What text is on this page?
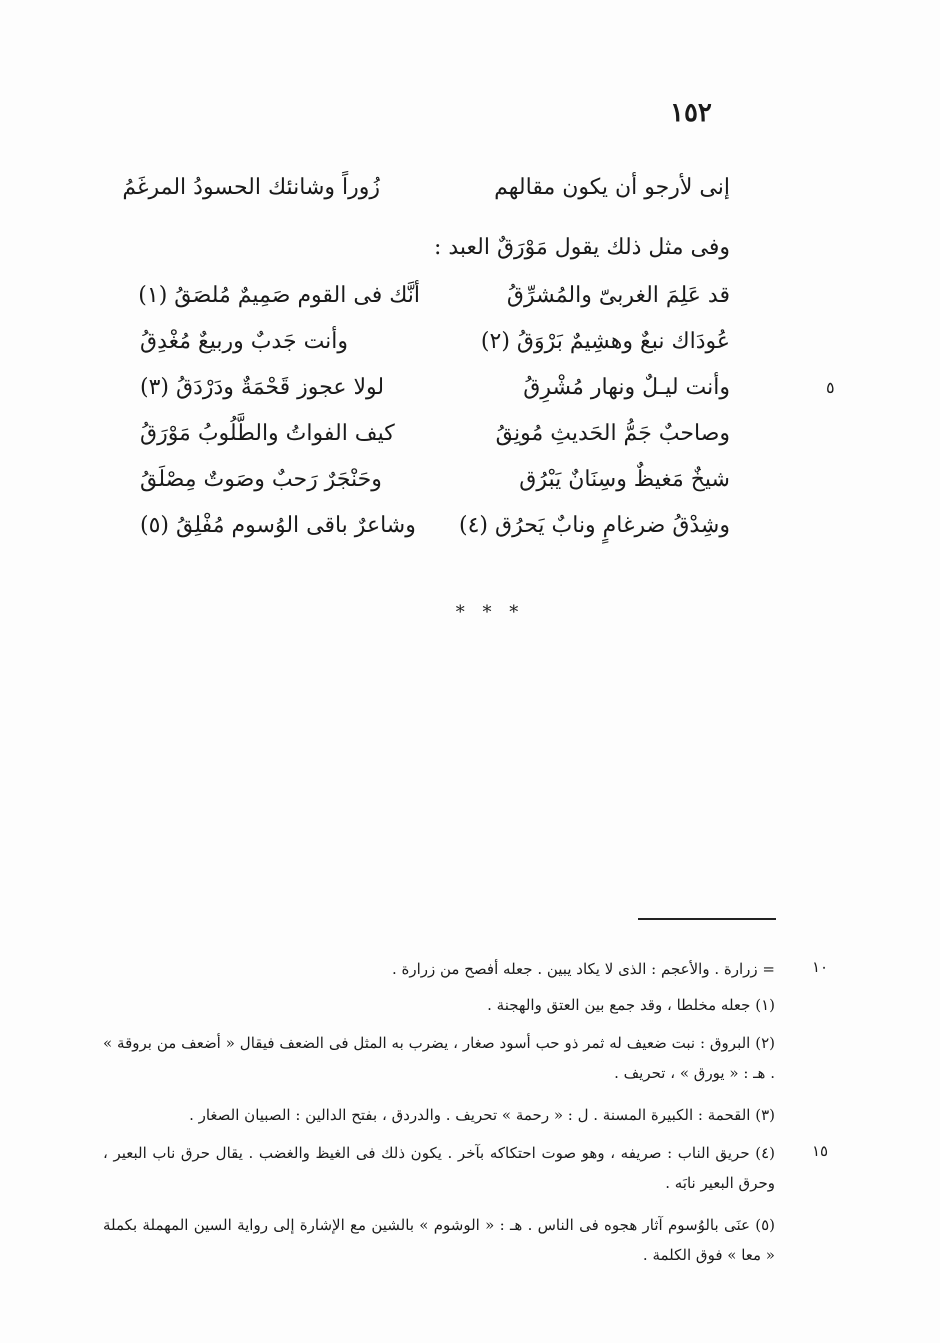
١٥٢
إنى لأرجو أن يكون مقالهم
زُوراً وشانئك الحسودُ المرغَمُ
وفى مثل ذلك يقول مَوْرَقٌ العبد :
قد عَلِمَ الغربىّ والمُشرِّقُ
أنَّك فى القوم صَمِيمٌ مُلصَقُ (١)
عُودَاك نبعٌ وهشِيمٌ بَرْوَقُ (٢)
وأنت جَدبٌ وربيعٌ مُغْدِقُ
وأنت ليـلٌ ونهار مُشْرِقُ
لولا عجوز قَحْمَةٌ ودَرْدَقُ (٣)
وصاحبٌ جَمُّ الحَديثِ مُونِقُ
كيف الفواتُ والطَّلُوبُ مَوْرَقُ
شيخٌ مَغيظٌ وسِنَانٌ يَبْرُق
وحَنْجَرٌ رَحبٌ وصَوتٌ مِصْلَقُ
وشِدْقُ ضرغامٍ ونابٌ يَحرُق (٤)
وشاعرٌ باقى الوُسوم مُفْلِقُ (٥)
٥
* * *
١٠
= زرارة . والأعجم : الذى لا يكاد يبين . جعله أفصح من زرارة .
(١) جعله مخلطا ، وقد جمع بين العتق والهجنة .
(٢) البروق : نبت ضعيف له ثمر ذو حب أسود صغار ، يضرب به المثل فى الضعف فيقال « أضعف من بروقة » . هـ : « يورق » ، تحريف .
(٣) القحمة : الكبيرة المسنة . ل : « رحمة » تحريف . والدردق ، بفتح الدالين : الصبيان الصغار .
١٥
(٤) حريق الناب : صريفه ، وهو صوت احتكاكه بآخر . يكون ذلك فى الغيظ والغضب . يقال حرق ناب البعير ، وحرق البعير نابَه .
(٥) عنَى بالوُسوم آثار هجوه فى الناس . هـ : « الوشوم » بالشين مع الإشارة إلى رواية السين المهملة بكملة « معا » فوق الكلمة .
